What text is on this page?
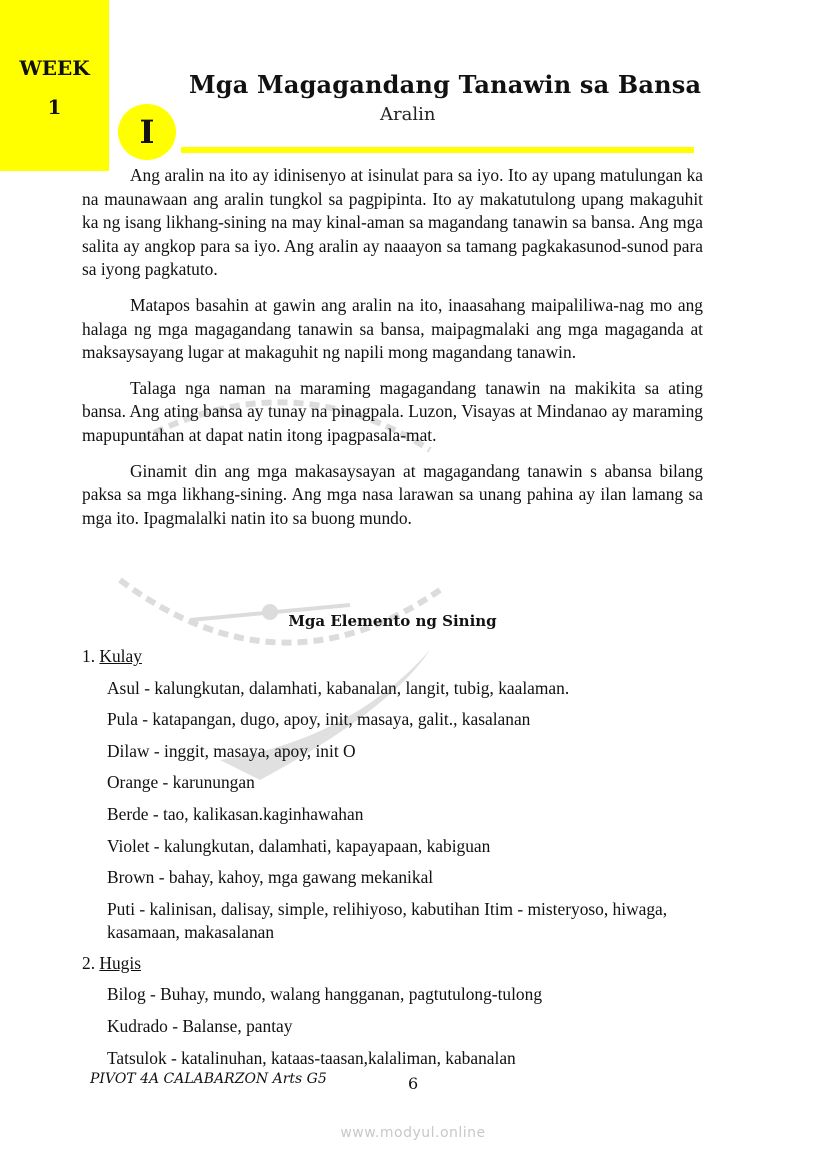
WEEK
1
Mga Magagandang Tanawin sa Bansa
Aralin
I

Ang aralin na ito ay idinisenyo at isinulat para sa iyo. Ito ay upang matulungan ka na maunawaan ang aralin tungkol sa pagpipinta. Ito ay makatutulong upang makaguhit ka ng isang likhang-sining na may kinal-aman sa magandang tanawin sa bansa. Ang mga salita ay angkop para sa iyo. Ang aralin ay naaayon sa tamang pagkakasunod-sunod para sa iyong pagkatuto.

Matapos basahin at gawin ang aralin na ito, inaasahang maipaliliwa-nag mo ang halaga ng mga magagandang tanawin sa bansa, maipagmalaki ang mga magaganda at maksaysayang lugar at makaguhit ng napili mong magandang tanawin.

Talaga nga naman na maraming magagandang tanawin na makikita sa ating bansa. Ang ating bansa ay tunay na pinagpala. Luzon, Visayas at Mindanao ay maraming mapupuntahan at dapat natin itong ipagpasala-mat.

Ginamit din ang mga makasaysayan at magagandang tanawin s abansa bilang paksa sa mga likhang-sining. Ang mga nasa larawan sa unang pahina ay ilan lamang sa mga ito. Ipagmalalki natin ito sa buong mundo.

Mga Elemento ng Sining
1. Kulay
Asul - kalungkutan, dalamhati, kabanalan, langit, tubig, kaalaman.
Pula - katapangan, dugo, apoy, init, masaya, galit., kasalanan
Dilaw - inggit, masaya, apoy, init O
Orange - karunungan
Berde - tao, kalikasan.kaginhawahan
Violet - kalungkutan, dalamhati, kapayapaan, kabiguan
Brown - bahay, kahoy, mga gawang mekanikal
Puti - kalinisan, dalisay, simple, relihiyoso, kabutihan Itim - misteryoso, hiwaga, kasamaan, makasalanan
2. Hugis
Bilog - Buhay, mundo, walang hangganan, pagtutulong-tulong
Kudrado - Balanse, pantay
Tatsulok - katalinuhan, kataas-taasan,kalaliman, kabanalan
PIVOT 4A CALABARZON Arts G5	6
www.modyul.online
